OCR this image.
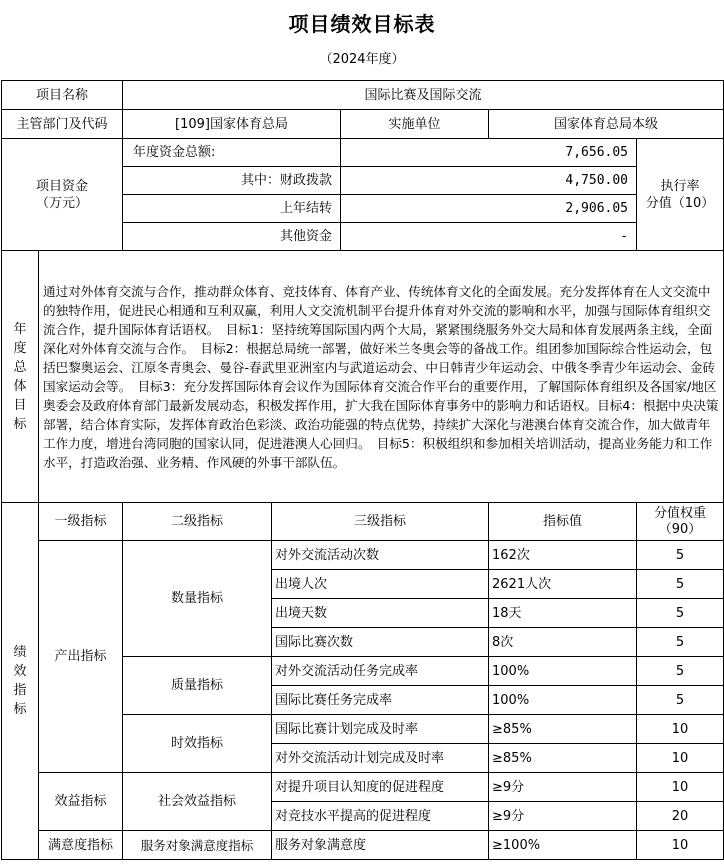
项目绩效目标表
（2024年度）
项目名称		国际比赛及国际交流				
主管部门及代码		[109]国家体育总局		实施单位	国家体育总局本级	
项目资金
（万元）		年度资金总额:		7,656.05		执行率
分值（10）
		其中：财政拨款		4,750.00		
		上年结转		2,906.05		
		其他资金		-		
年度总体目标	通过对外体育交流与合作，推动群众体育、竞技体育、体育产业、传统体育文化的全面发展。充分发挥体育在人文交流中的独特作用，促进民心相通和互利双赢，利用人文交流机制平台提升体育对外交流的影响和水平，加强与国际体育组织交流合作，提升国际体育话语权。　目标1：坚持统筹国际国内两个大局，紧紧围绕服务外交大局和体育发展两条主线，全面深化对外体育交流与合作。　目标2：根据总局统一部署，做好米兰冬奥会等的备战工作。组团参加国际综合性运动会，包括巴黎奥运会、江原冬青奥会、曼谷-春武里亚洲室内与武道运动会、中日韩青少年运动会、中俄冬季青少年运动会、金砖国家运动会等。　目标3：充分发挥国际体育会议作为国际体育交流合作平台的重要作用，了解国际体育组织及各国家/地区奥委会及政府体育部门最新发展动态，积极发挥作用，扩大我在国际体育事务中的影响力和话语权。目标4：根据中央决策部署，结合体育实际，发挥体育政治色彩淡、政治功能强的特点优势，持续扩大深化与港澳台体育交流合作，加大做青年工作力度，增进台湾同胞的国家认同，促进港澳人心回归。　目标5：积极组织和参加相关培训活动，提高业务能力和工作水平，打造政治强、业务精、作风硬的外事干部队伍。					
绩效指标	一级指标	二级指标	三级指标		指标值	分值权重
（90）
	产出指标	数量指标	对外交流活动次数		162次	5
			出境人次		2621人次	5
			出境天数		18天	5
			国际比赛次数		8次	5
		质量指标	对外交流活动任务完成率		100%	5
			国际比赛任务完成率		100%	5
		时效指标	国际比赛计划完成及时率		≥85%	10
			对外交流活动计划完成及时率		≥85%	10
	效益指标	社会效益指标	对提升项目认知度的促进程度		≥9分	10
			对竞技水平提高的促进程度		≥9分	20
	满意度指标	服务对象满意度指标	服务对象满意度		≥100%	10
